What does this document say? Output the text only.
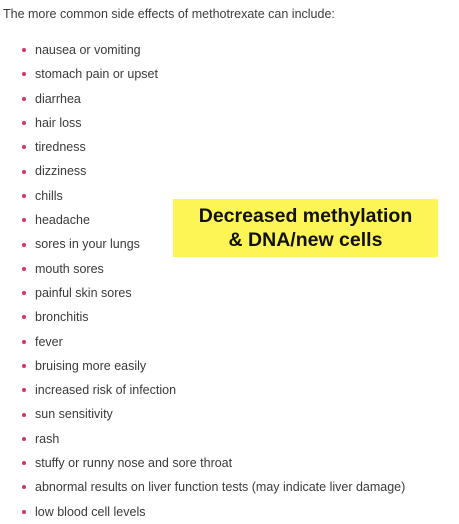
The more common side effects of methotrexate can include:
nausea or vomiting
stomach pain or upset
diarrhea
hair loss
tiredness
dizziness
chills
headache
sores in your lungs
mouth sores
painful skin sores
bronchitis
fever
bruising more easily
increased risk of infection
sun sensitivity
rash
stuffy or runny nose and sore throat
abnormal results on liver function tests (may indicate liver damage)
low blood cell levels
Decreased methylation
& DNA/new cells
